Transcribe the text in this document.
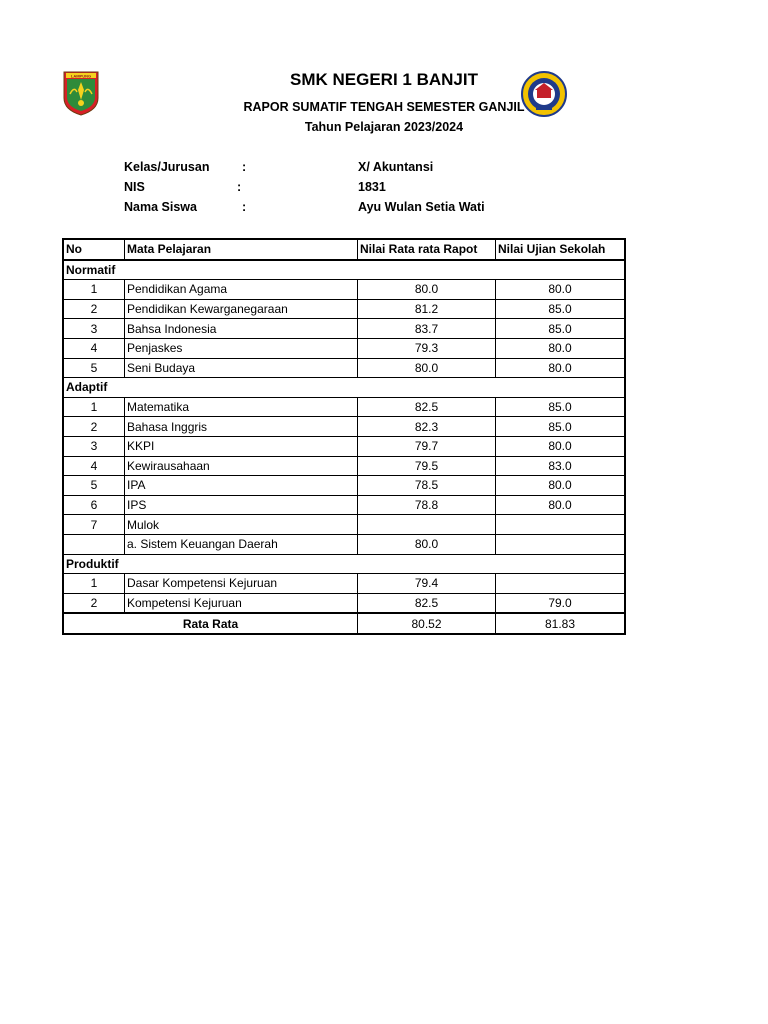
LAMPUNG	SMK NEGERI 1 BANJIT
RAPOR SUMATIF TENGAH SEMESTER GANJIL
Tahun Pelajaran 2023/2024
Kelas/Jurusan	:	X/ Akuntansi
NIS	:	1831
Nama Siswa	:	Ayu Wulan Setia Wati
No	Mata Pelajaran	Nilai Rata rata Rapot	Nilai Ujian Sekolah
Normatif			
1	Pendidikan Agama	80.0	80.0
2	Pendidikan Kewarganegaraan	81.2	85.0
3	Bahsa Indonesia	83.7	85.0
4	Penjaskes	79.3	80.0
5	Seni Budaya	80.0	80.0
Adaptif			
1	Matematika	82.5	85.0
2	Bahasa Inggris	82.3	85.0
3	KKPI	79.7	80.0
4	Kewirausahaan	79.5	83.0
5	IPA	78.5	80.0
6	IPS	78.8	80.0
7	Mulok		
	a. Sistem Keuangan Daerah	80.0	
Produktif			
1	Dasar Kompetensi Kejuruan	79.4	
2	Kompetensi Kejuruan	82.5	79.0
Rata Rata		80.52	81.83
